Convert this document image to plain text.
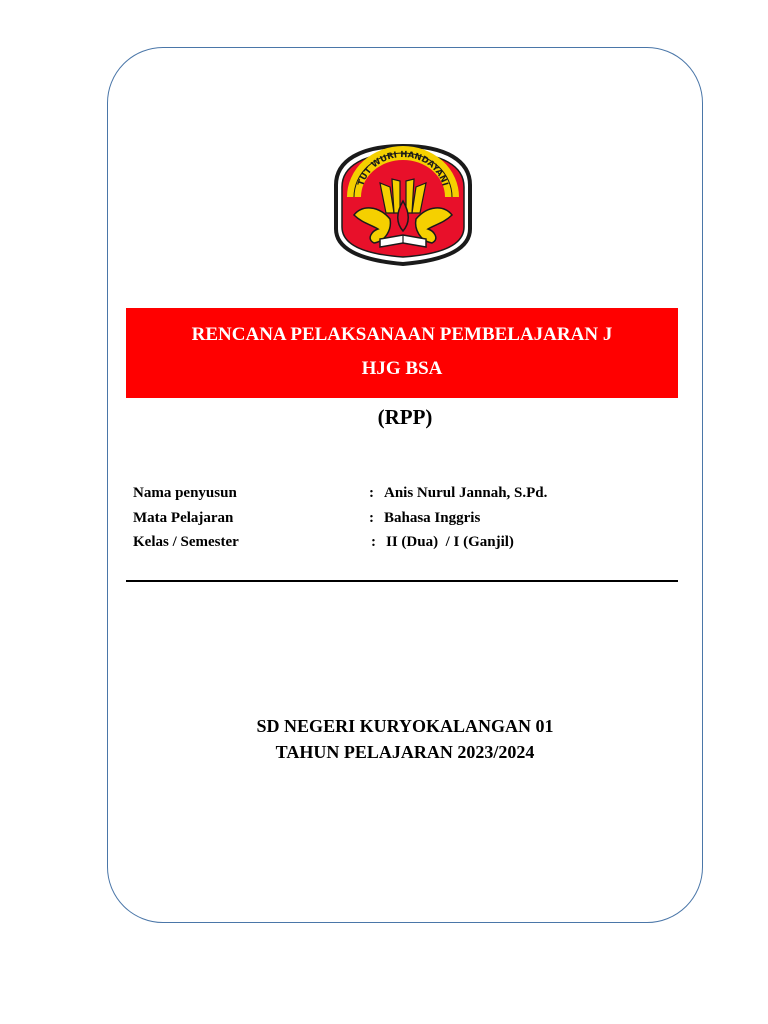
TUT WURI HANDAYANI
RENCANA PELAKSANAAN PEMBELAJARAN J
HJG BSA
(RPP)
Nama penyusun	: Anis Nurul Jannah, S.Pd.
Mata Pelajaran	: Bahasa Inggris
Kelas / Semester	: II (Dua)  / I (Ganjil)
SD NEGERI KURYOKALANGAN 01
TAHUN PELAJARAN 2023/2024
